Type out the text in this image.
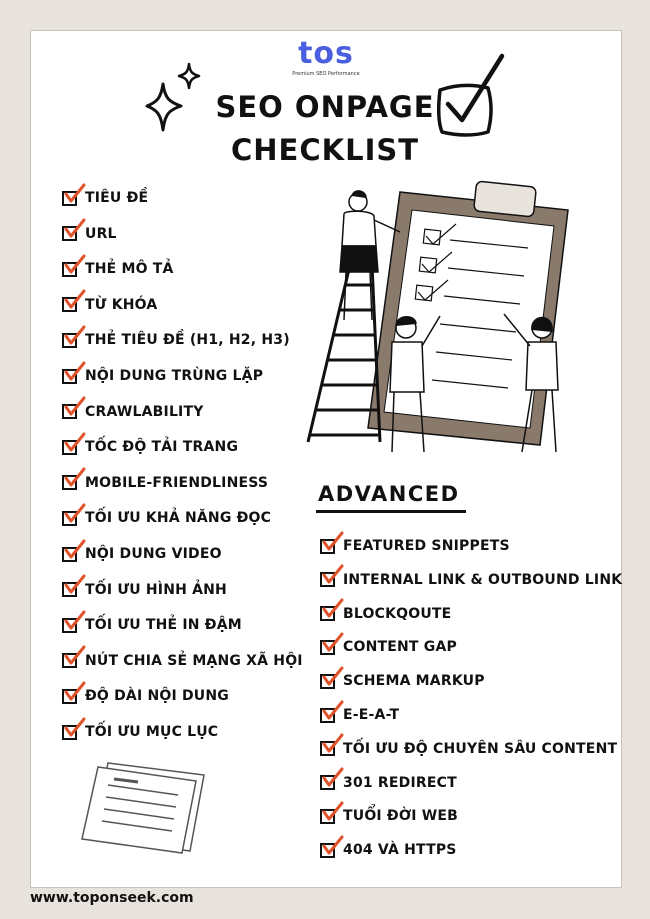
tos
Premium SEO Performance
SEO ONPAGE
CHECKLIST
TIÊU ĐỀ
URL
THẺ MÔ TẢ
TỪ KHÓA
THẺ TIÊU ĐỀ (H1, H2, H3)
NỘI DUNG TRÙNG LẶP
CRAWLABILITY
TỐC ĐỘ TẢI TRANG
MOBILE-FRIENDLINESS
TỐI ƯU KHẢ NĂNG ĐỌC
NỘI DUNG VIDEO
TỐI ƯU HÌNH ẢNH
TỐI ƯU THẺ IN ĐẬM
NÚT CHIA SẺ MẠNG XÃ HỘI
ĐỘ DÀI NỘI DUNG
TỐI ƯU MỤC LỤC
ADVANCED
FEATURED SNIPPETS
INTERNAL LINK & OUTBOUND LINK
BLOCKQOUTE
CONTENT GAP
SCHEMA MARKUP
E-E-A-T
TỐI ƯU ĐỘ CHUYÊN SÂU CONTENT
301 REDIRECT
TUỔI ĐỜI WEB
404 VÀ HTTPS
www.toponseek.com
